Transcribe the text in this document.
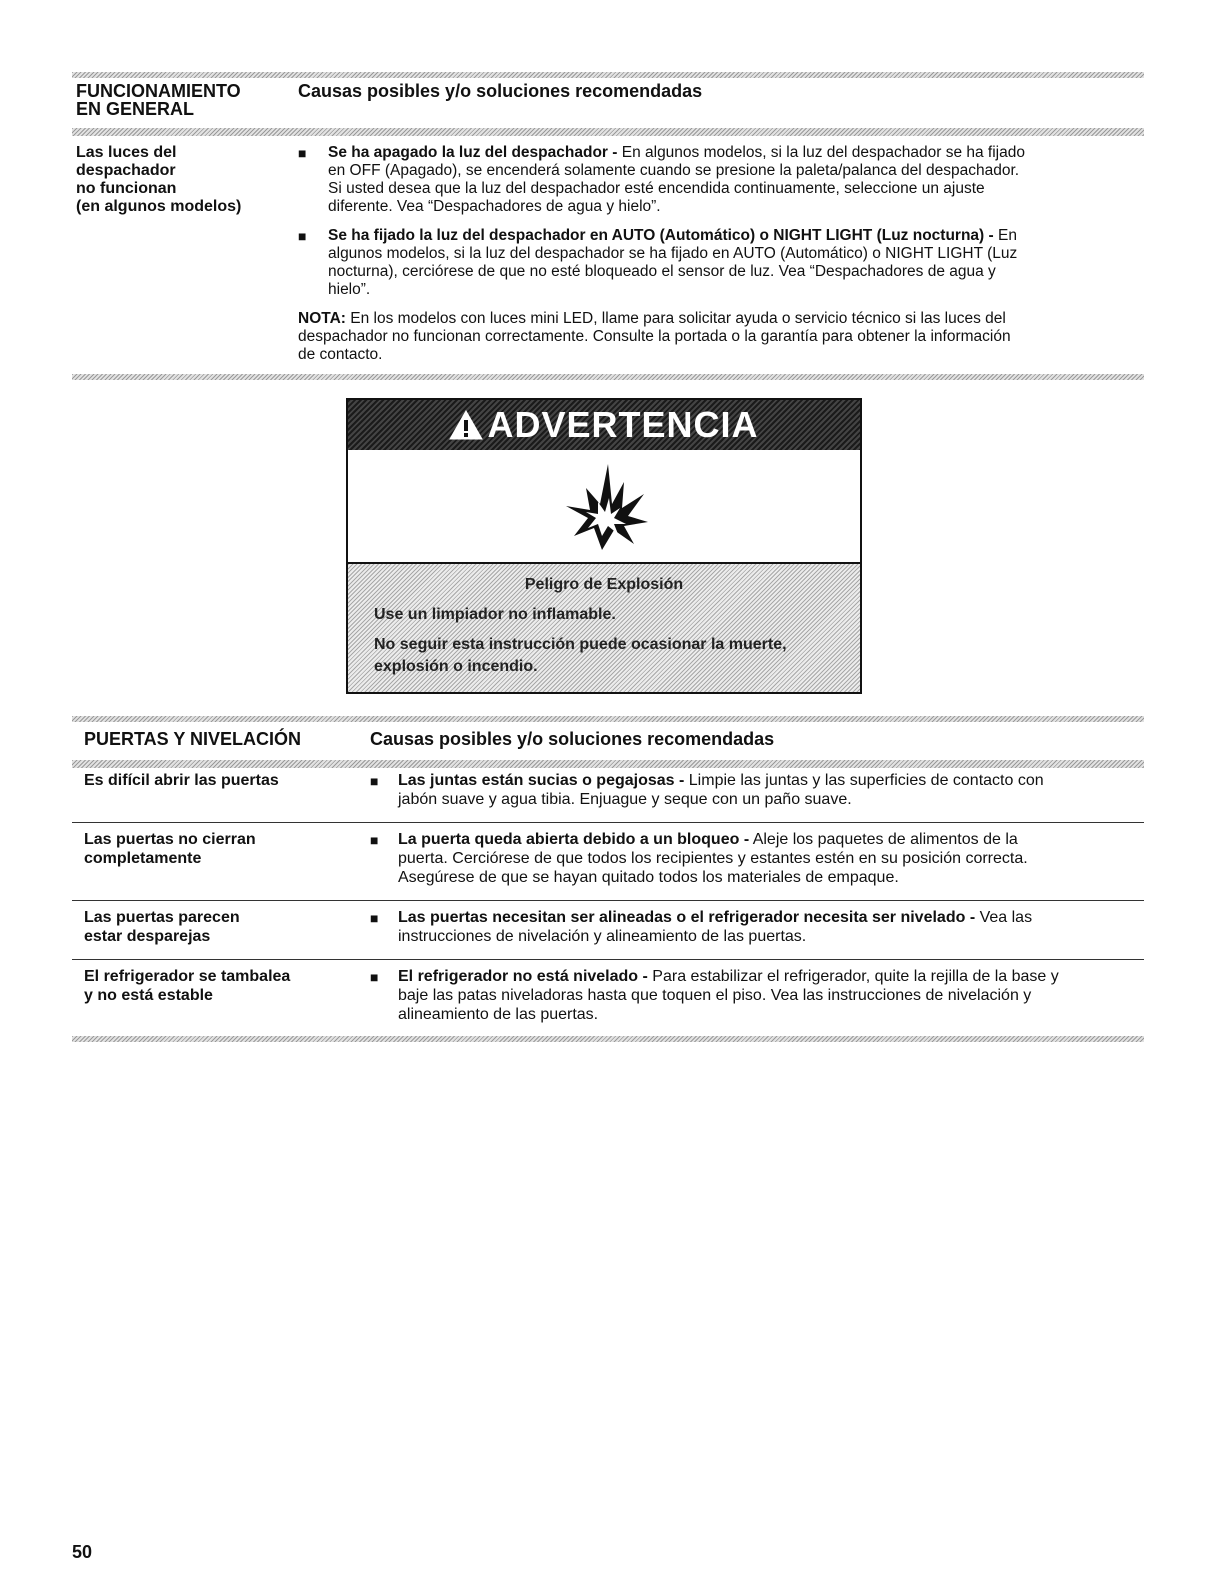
FUNCIONAMIENTO
EN GENERAL
Causas posibles y/o soluciones recomendadas
Las luces del
despachador
no funcionan
(en algunos modelos)
■ Se ha apagado la luz del despachador - En algunos modelos, si la luz del despachador se ha fijado
en OFF (Apagado), se encenderá solamente cuando se presione la paleta/palanca del despachador.
Si usted desea que la luz del despachador esté encendida continuamente, seleccione un ajuste
diferente. Vea “Despachadores de agua y hielo”.
■ Se ha fijado la luz del despachador en AUTO (Automático) o NIGHT LIGHT (Luz nocturna) - En
algunos modelos, si la luz del despachador se ha fijado en AUTO (Automático) o NIGHT LIGHT (Luz
nocturna), cerciórese de que no esté bloqueado el sensor de luz. Vea “Despachadores de agua y
hielo”.
NOTA: En los modelos con luces mini LED, llame para solicitar ayuda o servicio técnico si las luces del
despachador no funcionan correctamente. Consulte la portada o la garantía para obtener la información
de contacto.
ADVERTENCIA
Peligro de Explosión
Use un limpiador no inflamable.
No seguir esta instrucción puede ocasionar la muerte,
explosión o incendio.
PUERTAS Y NIVELACIÓN	Causas posibles y/o soluciones recomendadas
Es difícil abrir las puertas	■ Las juntas están sucias o pegajosas - Limpie las juntas y las superficies de contacto con
jabón suave y agua tibia. Enjuague y seque con un paño suave.
Las puertas no cierran
completamente
■ La puerta queda abierta debido a un bloqueo - Aleje los paquetes de alimentos de la
puerta. Cerciórese de que todos los recipientes y estantes estén en su posición correcta.
Asegúrese de que se hayan quitado todos los materiales de empaque.
Las puertas parecen
estar desparejas
■ Las puertas necesitan ser alineadas o el refrigerador necesita ser nivelado - Vea las
instrucciones de nivelación y alineamiento de las puertas.
El refrigerador se tambalea
y no está estable
■ El refrigerador no está nivelado - Para estabilizar el refrigerador, quite la rejilla de la base y
baje las patas niveladoras hasta que toquen el piso. Vea las instrucciones de nivelación y
alineamiento de las puertas.
50
